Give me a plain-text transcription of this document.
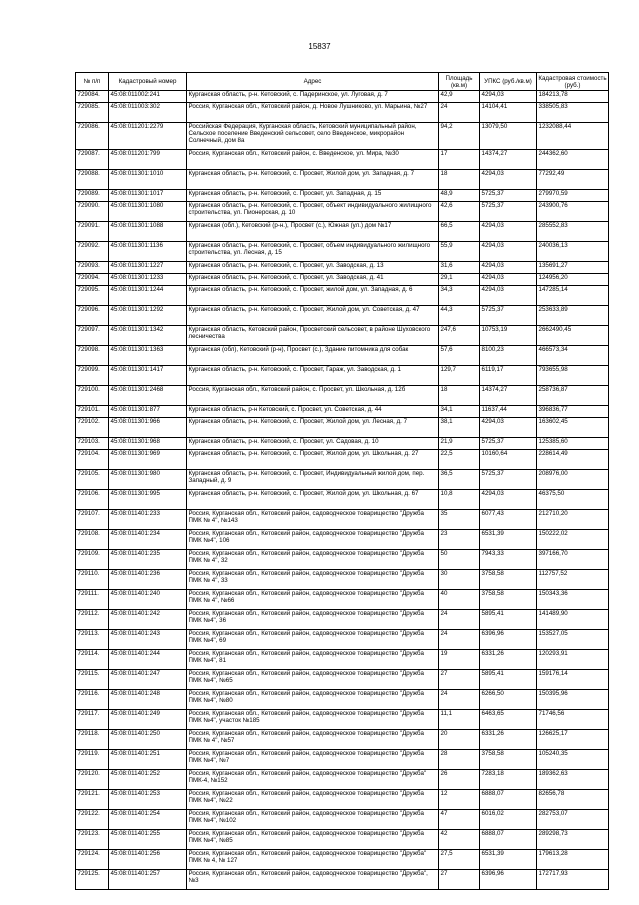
15837
№ п/п	Кадастровый номер	Адрес	Площадь (кв.м)	УПКС (руб./кв.м)	Кадастровая стоимость (руб.)
729084.	45:08:011002:241	Курганская область, р-н. Кетовский, с. Падеринское, ул. Луговая, д. 7	42,9	4294,03	184213,78
729085.	45:08:011003:302	Россия, Курганская обл., Кетовский район, д. Новое Лушниково, ул. Марьина, №27	24	14104,41	338505,83
729086.	45:08:011201:2279	Российская Федерация, Курганская область, Кетовский муниципальный район, Сельское поселение Введенский сельсовет, село Введенское, микрорайон Солнечный, дом 8а	94,2	13079,50	1232088,44
729087.	45:08:011201:799	Россия, Курганская обл., Кетовский район, с. Введенское, ул. Мира, №30	17	14374,27	244362,60
729088.	45:08:011301:1010	Курганская область, р-н. Кетовский, с. Просвет, Жилой дом, ул. Западная, д. 7	18	4294,03	77292,49
729089.	45:08:011301:1017	Курганская область, р-н. Кетовский, с. Просвет, ул. Западная, д. 15	48,9	5725,37	279970,59
729090.	45:08:011301:1080	Курганская область, р-н. Кетовский, с. Просвет, объект индивидуального жилищного строительства, ул. Пионерская, д. 10	42,6	5725,37	243900,76
729091.	45:08:011301:1088	Курганская (обл.), Кетовский (р-н.), Просвет (с.), Южная (ул.) дом №17	66,5	4294,03	285552,83
729092.	45:08:011301:1136	Курганская область, р-н. Кетовский, с. Просвет, объем индивидуального жилищного строительства, ул. Лесная, д. 15	55,9	4294,03	240036,13
729093.	45:08:011301:1227	Курганская область, р-н. Кетовский, с. Просвет, ул. Заводская, д. 13	31,6	4294,03	135691,27
729094.	45:08:011301:1233	Курганская область, р-н. Кетовский, с. Просвет, ул. Заводская, д. 41	29,1	4294,03	124956,20
729095.	45:08:011301:1244	Курганская область, р-н. Кетовский, с. Просвет, жилой дом, ул. Западная, д. 6	34,3	4294,03	147285,14
729096.	45:08:011301:1292	Курганская область, р-н. Кетовский, с. Просвет, Жилой дом, ул. Советская, д. 47	44,3	5725,37	253633,89
729097.	45:08:011301:1342	Курганская область, Кетовский район, Просветский сельсовет, в районе Шуховского лесничества	247,6	10753,19	2662490,45
729098.	45:08:011301:1363	Курганская (обл), Кетовский (р-н), Просвет (с.), Здание питомника для собак	57,6	8100,23	466573,34
729099.	45:08:011301:1417	Курганская область, р-н. Кетовский, с. Просвет, Гараж, ул. Заводская, д. 1	129,7	6119,17	793655,98
729100.	45:08:011301:2468	Россия, Курганская обл., Кетовский район, с. Просвет, ул. Школьная, д. 12б	18	14374,27	258736,87
729101.	45:08:011301:877	Курганская область, р-н Кетовский, с. Просвет, ул. Советская, д. 44	34,1	11637,44	396836,77
729102.	45:08:011301:966	Курганская область, р-н. Кетовский, с. Просвет, Жилой дом, ул. Лесная, д. 7	38,1	4294,03	163602,45
729103.	45:08:011301:968	Курганская область, р-н. Кетовский, с. Просвет, ул. Садовая, д. 10	21,9	5725,37	125385,60
729104.	45:08:011301:969	Курганская область, р-н. Кетовский, с. Просвет, Жилой дом, ул. Школьная, д. 27	22,5	10160,64	228614,49
729105.	45:08:011301:980	Курганская область, р-н. Кетовский, с. Просвет, Индивидуальный жилой дом, пер. Западный, д. 9	36,5	5725,37	208976,00
729106.	45:08:011301:995	Курганская область, р-н. Кетовский, с. Просвет, Жилой дом, ул. Школьная, д. 67	10,8	4294,03	46375,50
729107.	45:08:011401:233	Россия, Курганская обл., Кетовский район, садоводческое товарищество "Дружба ПМК № 4", №143	35	6077,43	212710,20
729108.	45:08:011401:234	Россия, Курганская обл., Кетовский район, садоводческое товарищество "Дружба ПМК №4", 106	23	6531,39	150222,02
729109.	45:08:011401:235	Россия, Курганская обл., Кетовский район, садоводческое товарищество "Дружба ПМК № 4", 32	50	7943,33	397166,70
729110.	45:08:011401:236	Россия, Курганская обл., Кетовский район, садоводческое товарищество "Дружба ПМК № 4", 33	30	3758,58	112757,52
729111.	45:08:011401:240	Россия, Курганская обл., Кетовский район, садоводческое товарищество "Дружба ПМК № 4", №66	40	3758,58	150343,36
729112.	45:08:011401:242	Россия, Курганская обл., Кетовский район, садоводческое товарищество "Дружба ПМК №4", 36	24	5895,41	141489,90
729113.	45:08:011401:243	Россия, Курганская обл., Кетовский район, садоводческое товарищество "Дружба ПМК №4", 69	24	6396,96	153527,05
729114.	45:08:011401:244	Россия, Курганская обл., Кетовский район, садоводческое товарищество "Дружба ПМК №4", 81	19	6331,26	120293,91
729115.	45:08:011401:247	Россия, Курганская обл., Кетовский район, садоводческое товарищество "Дружба ПМК №4", №65	27	5895,41	159176,14
729116.	45:08:011401:248	Россия, Курганская обл., Кетовский район, садоводческое товарищество "Дружба ПМК №4", №80	24	6266,50	150395,96
729117.	45:08:011401:249	Россия, Курганская обл., Кетовский район, садоводческое товарищество "Дружба ПМК №4", участок №185	11,1	6463,65	71746,56
729118.	45:08:011401:250	Россия, Курганская обл., Кетовский район, садоводческое товарищество "Дружба ПМК № 4", №57	20	6331,26	126625,17
729119.	45:08:011401:251	Россия, Курганская обл., Кетовский район, садоводческое товарищество "Дружба ПМК №4", №7	28	3758,58	105240,35
729120.	45:08:011401:252	Россия, Курганская обл., Кетовский район, садоводческое товарищество "Дружба" ПМК-4, №152	26	7283,18	189362,63
729121.	45:08:011401:253	Россия, Курганская обл., Кетовский район, садоводческое товарищество "Дружба ПМК №4", №22	12	6888,07	82656,78
729122.	45:08:011401:254	Россия, Курганская обл., Кетовский район, садоводческое товарищество "Дружба ПМК №4", №102	47	6016,02	282753,07
729123.	45:08:011401:255	Россия, Курганская обл., Кетовский район, садоводческое товарищество "Дружба ПМК №4", №85	42	6888,07	289298,73
729124.	45:08:011401:256	Россия, Курганская обл., Кетовский район, садоводческое товарищество "Дружба" ПМК № 4, № 127	27,5	6531,39	179613,28
729125.	45:08:011401:257	Россия, Курганская обл., Кетовский район, садоводческое товарищество "Дружба", №3	27	6396,96	172717,93
